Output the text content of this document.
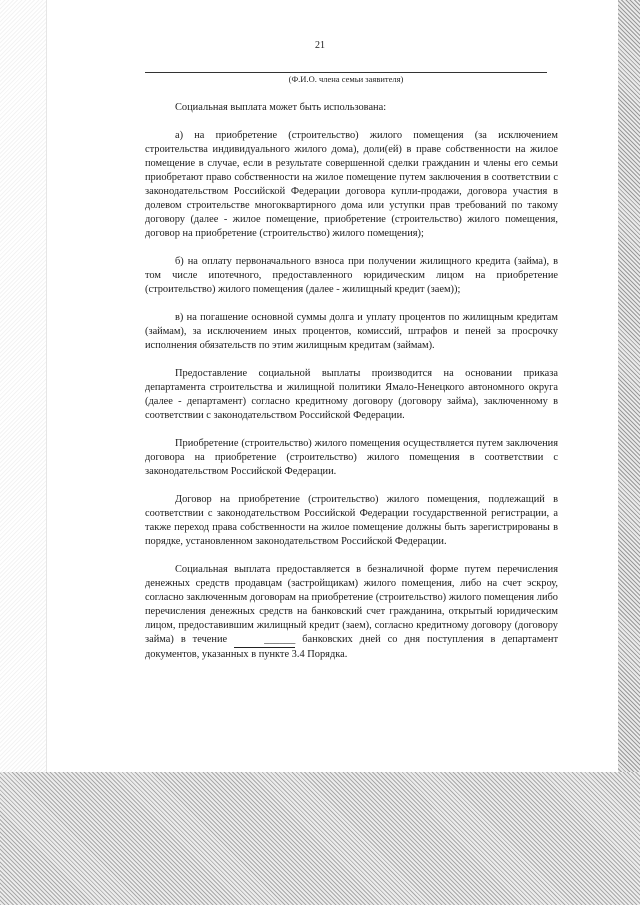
21
(Ф.И.О. члена семьи заявителя)

Социальная выплата может быть использована:

а) на приобретение (строительство) жилого помещения (за исключением строительства индивидуального жилого дома), доли(ей) в праве собственности на жилое помещение в случае, если в результате совершенной сделки гражданин и члены его семьи приобретают право собственности на жилое помещение путем заключения в соответствии с законодательством Российской Федерации договора купли-продажи, договора участия в долевом строительстве многоквартирного дома или уступки прав требований по такому договору (далее - жилое помещение, приобретение (строительство) жилого помещения, договор на приобретение (строительство) жилого помещения);

б) на оплату первоначального взноса при получении жилищного кредита (займа), в том числе ипотечного, предоставленного юридическим лицом на приобретение (строительство) жилого помещения (далее - жилищный кредит (заем));

в) на погашение основной суммы долга и уплату процентов по жилищным кредитам (займам), за исключением иных процентов, комиссий, штрафов и пеней за просрочку исполнения обязательств по этим жилищным кредитам (займам).

Предоставление социальной выплаты производится на основании приказа департамента строительства и жилищной политики Ямало-Ненецкого автономного округа (далее - департамент) согласно кредитному договору (договору займа), заключенному в соответствии с законодательством Российской Федерации.

Приобретение (строительство) жилого помещения осуществляется путем заключения договора на приобретение (строительство) жилого помещения в соответствии с законодательством Российской Федерации.

Договор на приобретение (строительство) жилого помещения, подлежащий в соответствии с законодательством Российской Федерации государственной регистрации, а также переход права собственности на жилое помещение должны быть зарегистрированы в порядке, установленном законодательством Российской Федерации.

Социальная выплата предоставляется в безналичной форме путем перечисления денежных средств продавцам (застройщикам) жилого помещения, либо на счет эскроу, согласно заключенным договорам на приобретение (строительство) жилого помещения либо перечисления денежных средств на банковский счет гражданина, открытый юридическим лицом, предоставившим жилищный кредит (заем), согласно кредитному договору (договору займа) в течение	______ банковских дней со дня поступления в департамент документов, указанных в пункте 3.4 Порядка.
